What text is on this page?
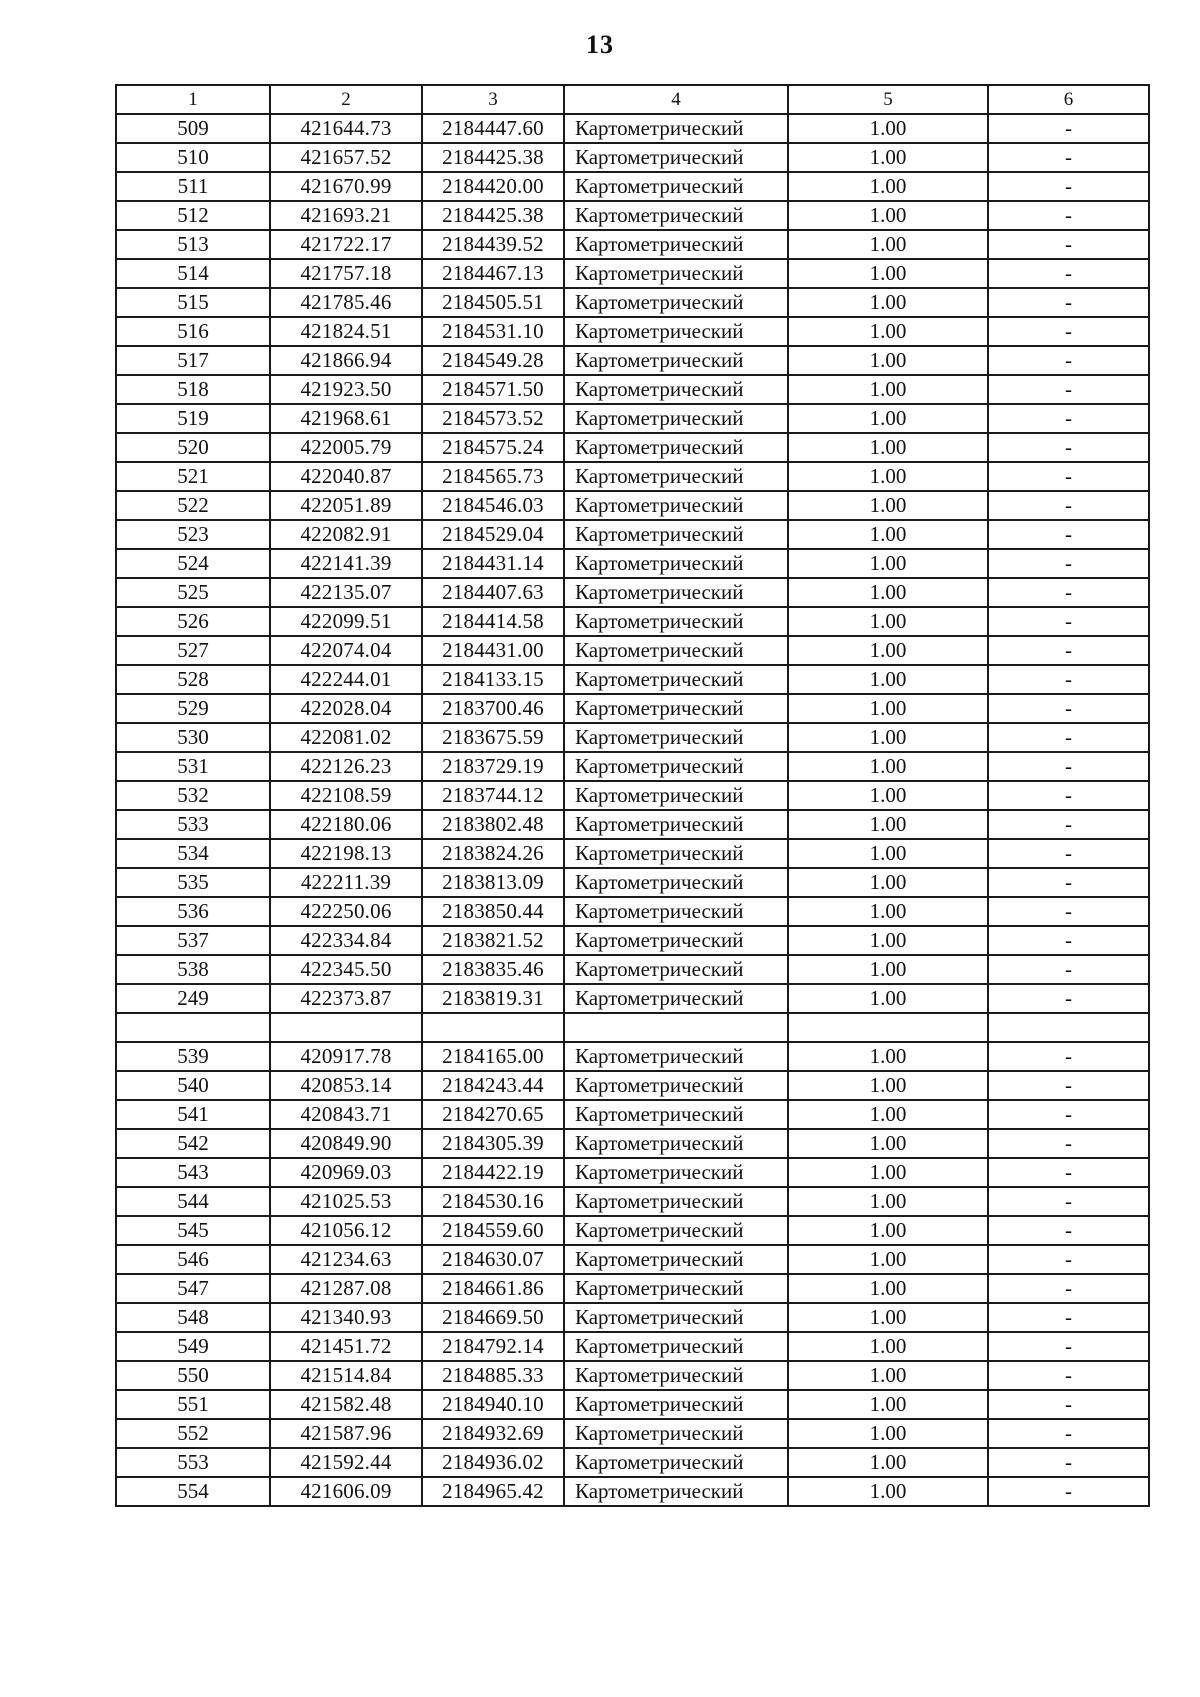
13
1	2	3	4	5	6
509	421644.73	2184447.60	Картометрический	1.00	-
510	421657.52	2184425.38	Картометрический	1.00	-
511	421670.99	2184420.00	Картометрический	1.00	-
512	421693.21	2184425.38	Картометрический	1.00	-
513	421722.17	2184439.52	Картометрический	1.00	-
514	421757.18	2184467.13	Картометрический	1.00	-
515	421785.46	2184505.51	Картометрический	1.00	-
516	421824.51	2184531.10	Картометрический	1.00	-
517	421866.94	2184549.28	Картометрический	1.00	-
518	421923.50	2184571.50	Картометрический	1.00	-
519	421968.61	2184573.52	Картометрический	1.00	-
520	422005.79	2184575.24	Картометрический	1.00	-
521	422040.87	2184565.73	Картометрический	1.00	-
522	422051.89	2184546.03	Картометрический	1.00	-
523	422082.91	2184529.04	Картометрический	1.00	-
524	422141.39	2184431.14	Картометрический	1.00	-
525	422135.07	2184407.63	Картометрический	1.00	-
526	422099.51	2184414.58	Картометрический	1.00	-
527	422074.04	2184431.00	Картометрический	1.00	-
528	422244.01	2184133.15	Картометрический	1.00	-
529	422028.04	2183700.46	Картометрический	1.00	-
530	422081.02	2183675.59	Картометрический	1.00	-
531	422126.23	2183729.19	Картометрический	1.00	-
532	422108.59	2183744.12	Картометрический	1.00	-
533	422180.06	2183802.48	Картометрический	1.00	-
534	422198.13	2183824.26	Картометрический	1.00	-
535	422211.39	2183813.09	Картометрический	1.00	-
536	422250.06	2183850.44	Картометрический	1.00	-
537	422334.84	2183821.52	Картометрический	1.00	-
538	422345.50	2183835.46	Картометрический	1.00	-
249	422373.87	2183819.31	Картометрический	1.00	-

539	420917.78	2184165.00	Картометрический	1.00	-
540	420853.14	2184243.44	Картометрический	1.00	-
541	420843.71	2184270.65	Картометрический	1.00	-
542	420849.90	2184305.39	Картометрический	1.00	-
543	420969.03	2184422.19	Картометрический	1.00	-
544	421025.53	2184530.16	Картометрический	1.00	-
545	421056.12	2184559.60	Картометрический	1.00	-
546	421234.63	2184630.07	Картометрический	1.00	-
547	421287.08	2184661.86	Картометрический	1.00	-
548	421340.93	2184669.50	Картометрический	1.00	-
549	421451.72	2184792.14	Картометрический	1.00	-
550	421514.84	2184885.33	Картометрический	1.00	-
551	421582.48	2184940.10	Картометрический	1.00	-
552	421587.96	2184932.69	Картометрический	1.00	-
553	421592.44	2184936.02	Картометрический	1.00	-
554	421606.09	2184965.42	Картометрический	1.00	-
